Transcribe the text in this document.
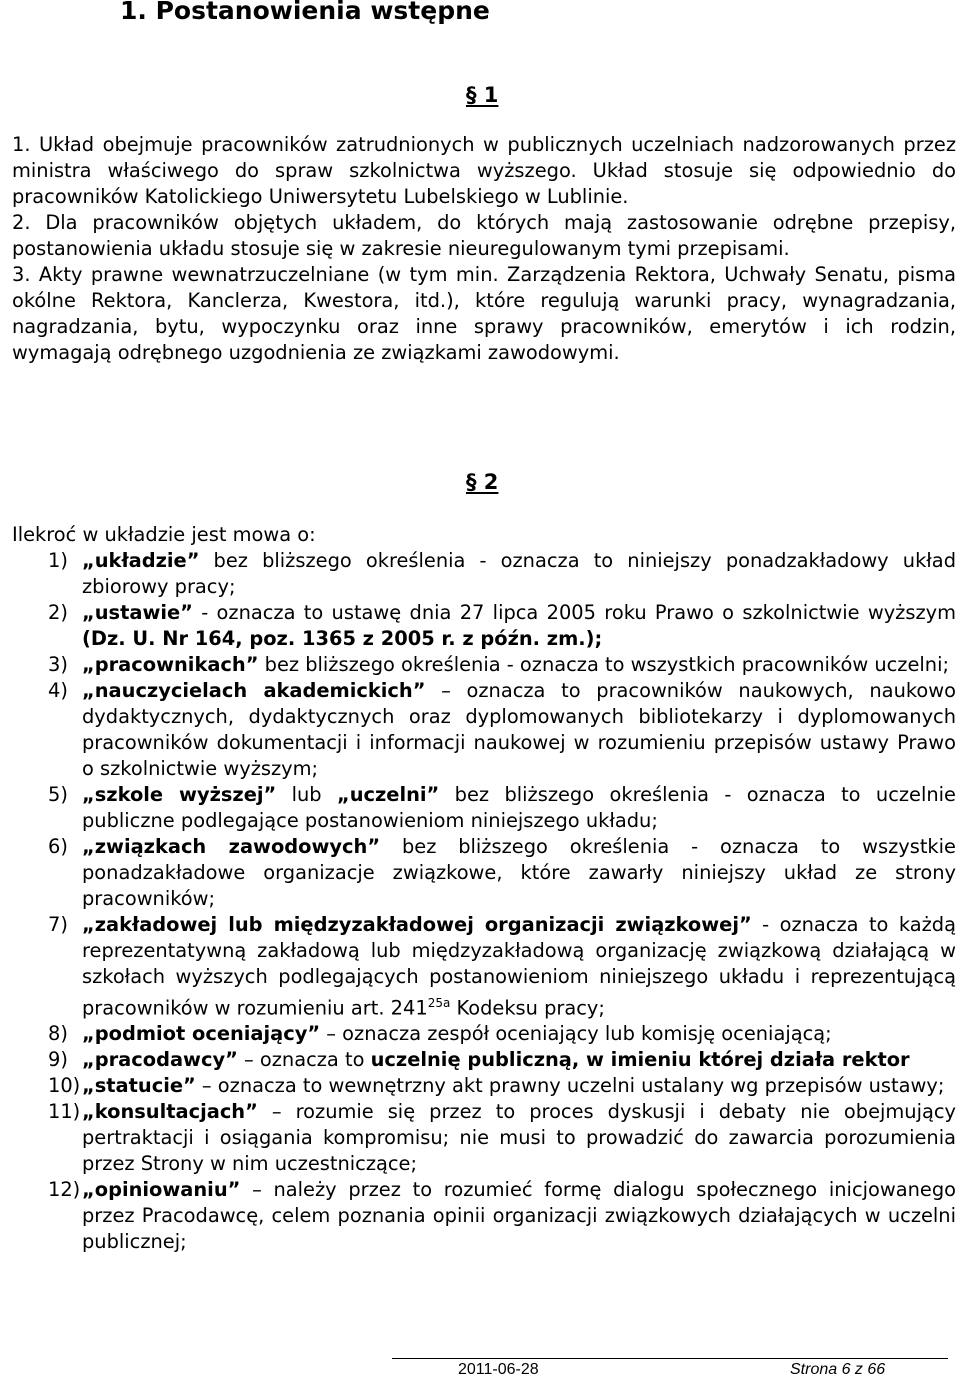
1. Postanowienia wstępne
§ 1

1. Układ obejmuje pracowników zatrudnionych w publicznych uczelniach nadzorowanych przez ministra właściwego do spraw szkolnictwa wyższego. Układ stosuje się odpowiednio do pracowników Katolickiego Uniwersytetu Lubelskiego w Lublinie.

2. Dla pracowników objętych układem, do których mają zastosowanie odrębne przepisy, postanowienia układu stosuje się w zakresie nieuregulowanym tymi przepisami.

3. Akty prawne wewnatrzuczelniane (w tym min. Zarządzenia Rektora, Uchwały Senatu, pisma okólne Rektora, Kanclerza, Kwestora, itd.), które regulują warunki pracy, wynagradzania, nagradzania, bytu, wypoczynku oraz inne sprawy pracowników, emerytów i ich rodzin, wymagają odrębnego uzgodnienia ze związkami zawodowymi.

§ 2

Ilekroć w układzie jest mowa o:

1) „układzie” bez bliższego określenia - oznacza to niniejszy ponadzakładowy układ zbiorowy pracy;
2) „ustawie” - oznacza to ustawę dnia 27 lipca 2005 roku Prawo o szkolnictwie wyższym (Dz. U. Nr 164, poz. 1365 z 2005 r. z późn. zm.);
3) „pracownikach” bez bliższego określenia - oznacza to wszystkich pracowników uczelni;
4) „nauczycielach akademickich” – oznacza to pracowników naukowych, naukowo dydaktycznych, dydaktycznych oraz dyplomowanych bibliotekarzy i dyplomowanych pracowników dokumentacji i informacji naukowej w rozumieniu przepisów ustawy Prawo o szkolnictwie wyższym;
5) „szkole wyższej” lub „uczelni” bez bliższego określenia - oznacza to uczelnie publiczne podlegające postanowieniom niniejszego układu;
6) „związkach zawodowych” bez bliższego określenia - oznacza to wszystkie ponadzakładowe organizacje związkowe, które zawarły niniejszy układ ze strony pracowników;
7) „zakładowej lub międzyzakładowej organizacji związkowej” - oznacza to każdą reprezentatywną zakładową lub międzyzakładową organizację związkową działającą w szkołach wyższych podlegających postanowieniom niniejszego układu i reprezentującą pracowników w rozumieniu art. $241^{25a}$ Kodeksu pracy;
8) „podmiot oceniający” – oznacza zespół oceniający lub komisję oceniającą;
9) „pracodawcy” – oznacza to uczelnię publiczną, w imieniu której działa rektor
10) „statucie” – oznacza to wewnętrzny akt prawny uczelni ustalany wg przepisów ustawy;
11) „konsultacjach” – rozumie się przez to proces dyskusji i debaty nie obejmujący pertraktacji i osiągania kompromisu; nie musi to prowadzić do zawarcia porozumienia przez Strony w nim uczestniczące;
12) „opiniowaniu” – należy przez to rozumieć formę dialogu społecznego inicjowanego przez Pracodawcę, celem poznania opinii organizacji związkowych działających w uczelni publicznej;
2011-06-28	Strona 6 z 66
